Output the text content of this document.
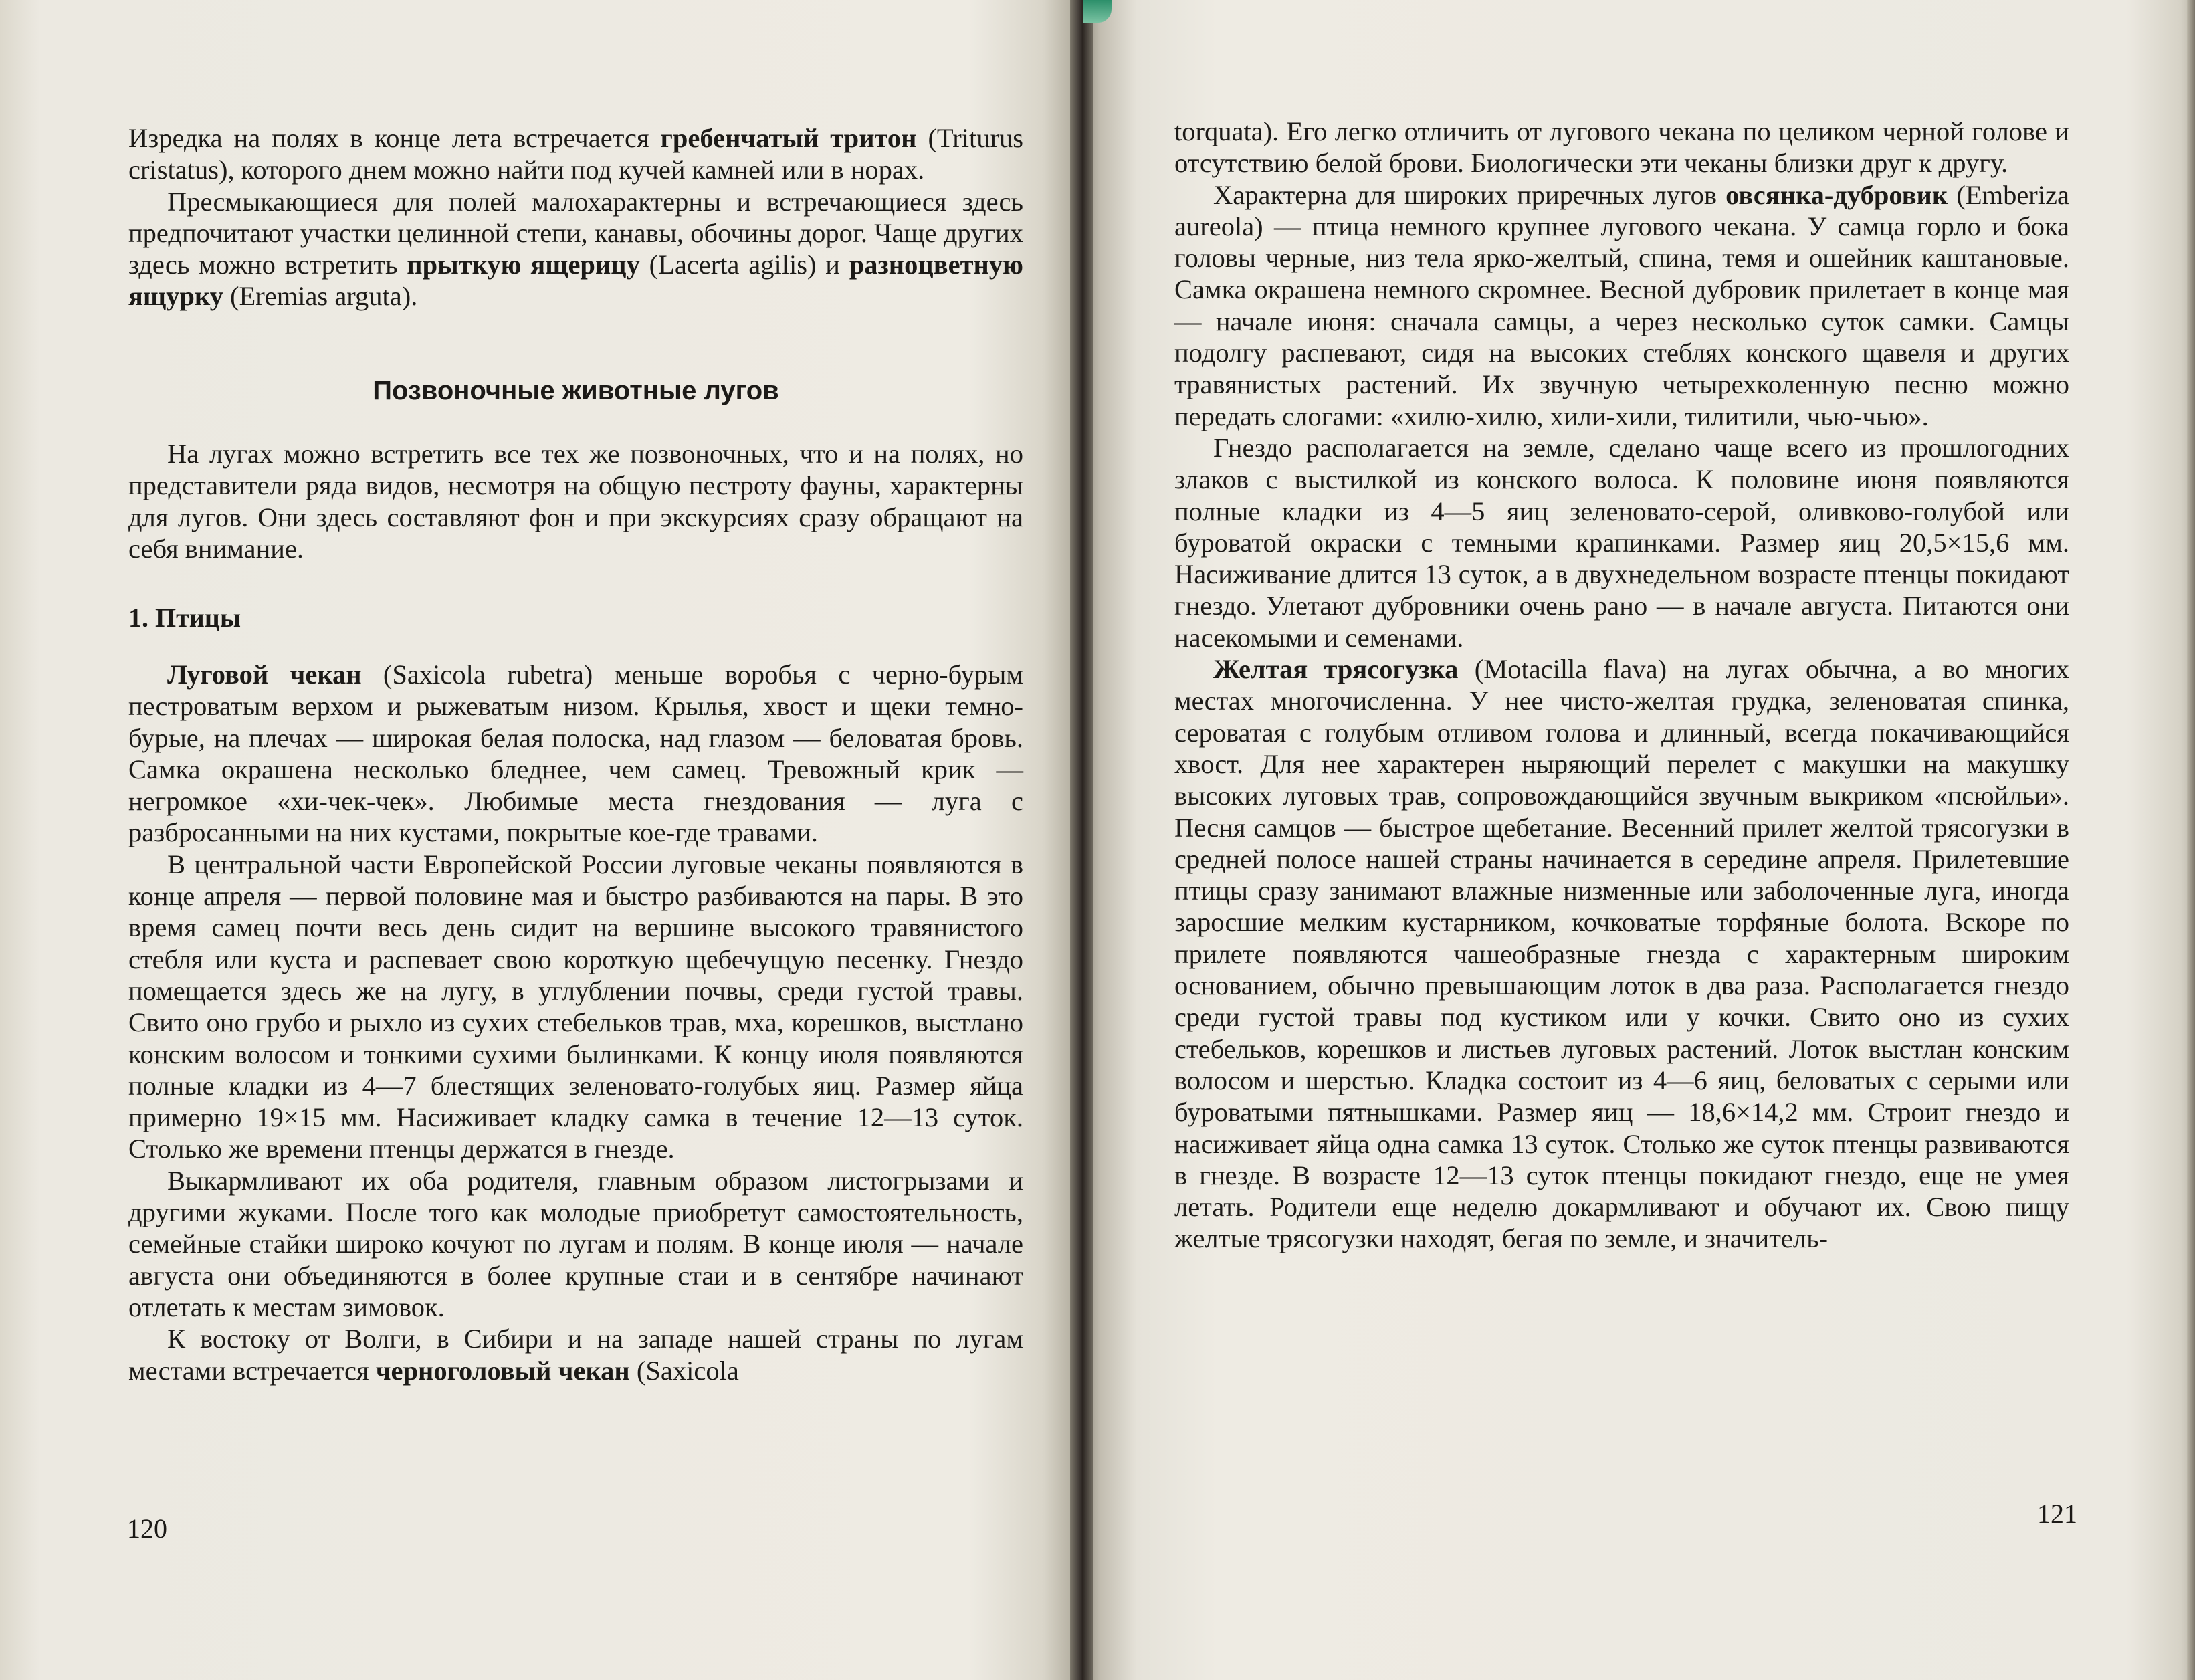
Изредка на полях в конце лета встречается гребенчатый тритон (Triturus cristatus), которого днем можно найти под кучей камней или в норах.

Пресмыкающиеся для полей малохарактерны и встречающиеся здесь предпочитают участки целинной степи, канавы, обочины дорог. Чаще других здесь можно встретить прыткую ящерицу (Lacerta agilis) и разноцветную ящурку (Eremias arguta).

Позвоночные животные лугов

На лугах можно встретить все тех же позвоночных, что и на полях, но представители ряда видов, несмотря на общую пестроту фауны, характерны для лугов. Они здесь составляют фон и при экскурсиях сразу обращают на себя внимание.

1. Птицы

Луговой чекан (Saxicola rubetra) меньше воробья с черно-бурым пестроватым верхом и рыжеватым низом. Крылья, хвост и щеки темно-бурые, на плечах — широкая белая полоска, над глазом — беловатая бровь. Самка окрашена несколько бледнее, чем самец. Тревожный крик — негромкое «хи-чек-чек». Любимые места гнездования — луга с разбросанными на них кустами, покрытые кое-где травами.

В центральной части Европейской России луговые чеканы появляются в конце апреля — первой половине мая и быстро разбиваются на пары. В это время самец почти весь день сидит на вершине высокого травянистого стебля или куста и распевает свою короткую щебечущую песенку. Гнездо помещается здесь же на лугу, в углублении почвы, среди густой травы. Свито оно грубо и рыхло из сухих стебельков трав, мха, корешков, выстлано конским волосом и тонкими сухими былинками. К концу июля появляются полные кладки из 4—7 блестящих зеленовато-голубых яиц. Размер яйца примерно 19×15 мм. Насиживает кладку самка в течение 12—13 суток. Столько же времени птенцы держатся в гнезде.

Выкармливают их оба родителя, главным образом листогрызами и другими жуками. После того как молодые приобретут самостоятельность, семейные стайки широко кочуют по лугам и полям. В конце июля — начале августа они объединяются в более крупные стаи и в сентябре начинают отлетать к местам зимовок.

К востоку от Волги, в Сибири и на западе нашей страны по лугам местами встречается черноголовый чекан (Saxicola

120

torquata). Его легко отличить от лугового чекана по целиком черной голове и отсутствию белой брови. Биологически эти чеканы близки друг к другу.

Характерна для широких приречных лугов овсянка-дубровик (Emberiza aureola) — птица немного крупнее лугового чекана. У самца горло и бока головы черные, низ тела ярко-желтый, спина, темя и ошейник каштановые. Самка окрашена немного скромнее. Весной дубровик прилетает в конце мая — начале июня: сначала самцы, а через несколько суток самки. Самцы подолгу распевают, сидя на высоких стеблях конского щавеля и других травянистых растений. Их звучную четырехколенную песню можно передать слогами: «хилю-хилю, хили-хили, тилитили, чью-чью».

Гнездо располагается на земле, сделано чаще всего из прошлогодних злаков с выстилкой из конского волоса. К половине июня появляются полные кладки из 4—5 яиц зеленовато-серой, оливково-голубой или буроватой окраски с темными крапинками. Размер яиц 20,5×15,6 мм. Насиживание длится 13 суток, а в двухнедельном возрасте птенцы покидают гнездо. Улетают дубровники очень рано — в начале августа. Питаются они насекомыми и семенами.

Желтая трясогузка (Motacilla flava) на лугах обычна, а во многих местах многочисленна. У нее чисто-желтая грудка, зеленоватая спинка, сероватая с голубым отливом голова и длинный, всегда покачивающийся хвост. Для нее характерен ныряющий перелет с макушки на макушку высоких луговых трав, сопровождающийся звучным выкриком «псюйльи». Песня самцов — быстрое щебетание. Весенний прилет желтой трясогузки в средней полосе нашей страны начинается в середине апреля. Прилетевшие птицы сразу занимают влажные низменные или заболоченные луга, иногда заросшие мелким кустарником, кочковатые торфяные болота. Вскоре по прилете появляются чашеобразные гнезда с характерным широким основанием, обычно превышающим лоток в два раза. Располагается гнездо среди густой травы под кустиком или у кочки. Свито оно из сухих стебельков, корешков и листьев луговых растений. Лоток выстлан конским волосом и шерстью. Кладка состоит из 4—6 яиц, беловатых с серыми или буроватыми пятнышками. Размер яиц — 18,6×14,2 мм. Строит гнездо и насиживает яйца одна самка 13 суток. Столько же суток птенцы развиваются в гнезде. В возрасте 12—13 суток птенцы покидают гнездо, еще не умея летать. Родители еще неделю докармливают и обучают их. Свою пищу желтые трясогузки находят, бегая по земле, и значитель-

121
